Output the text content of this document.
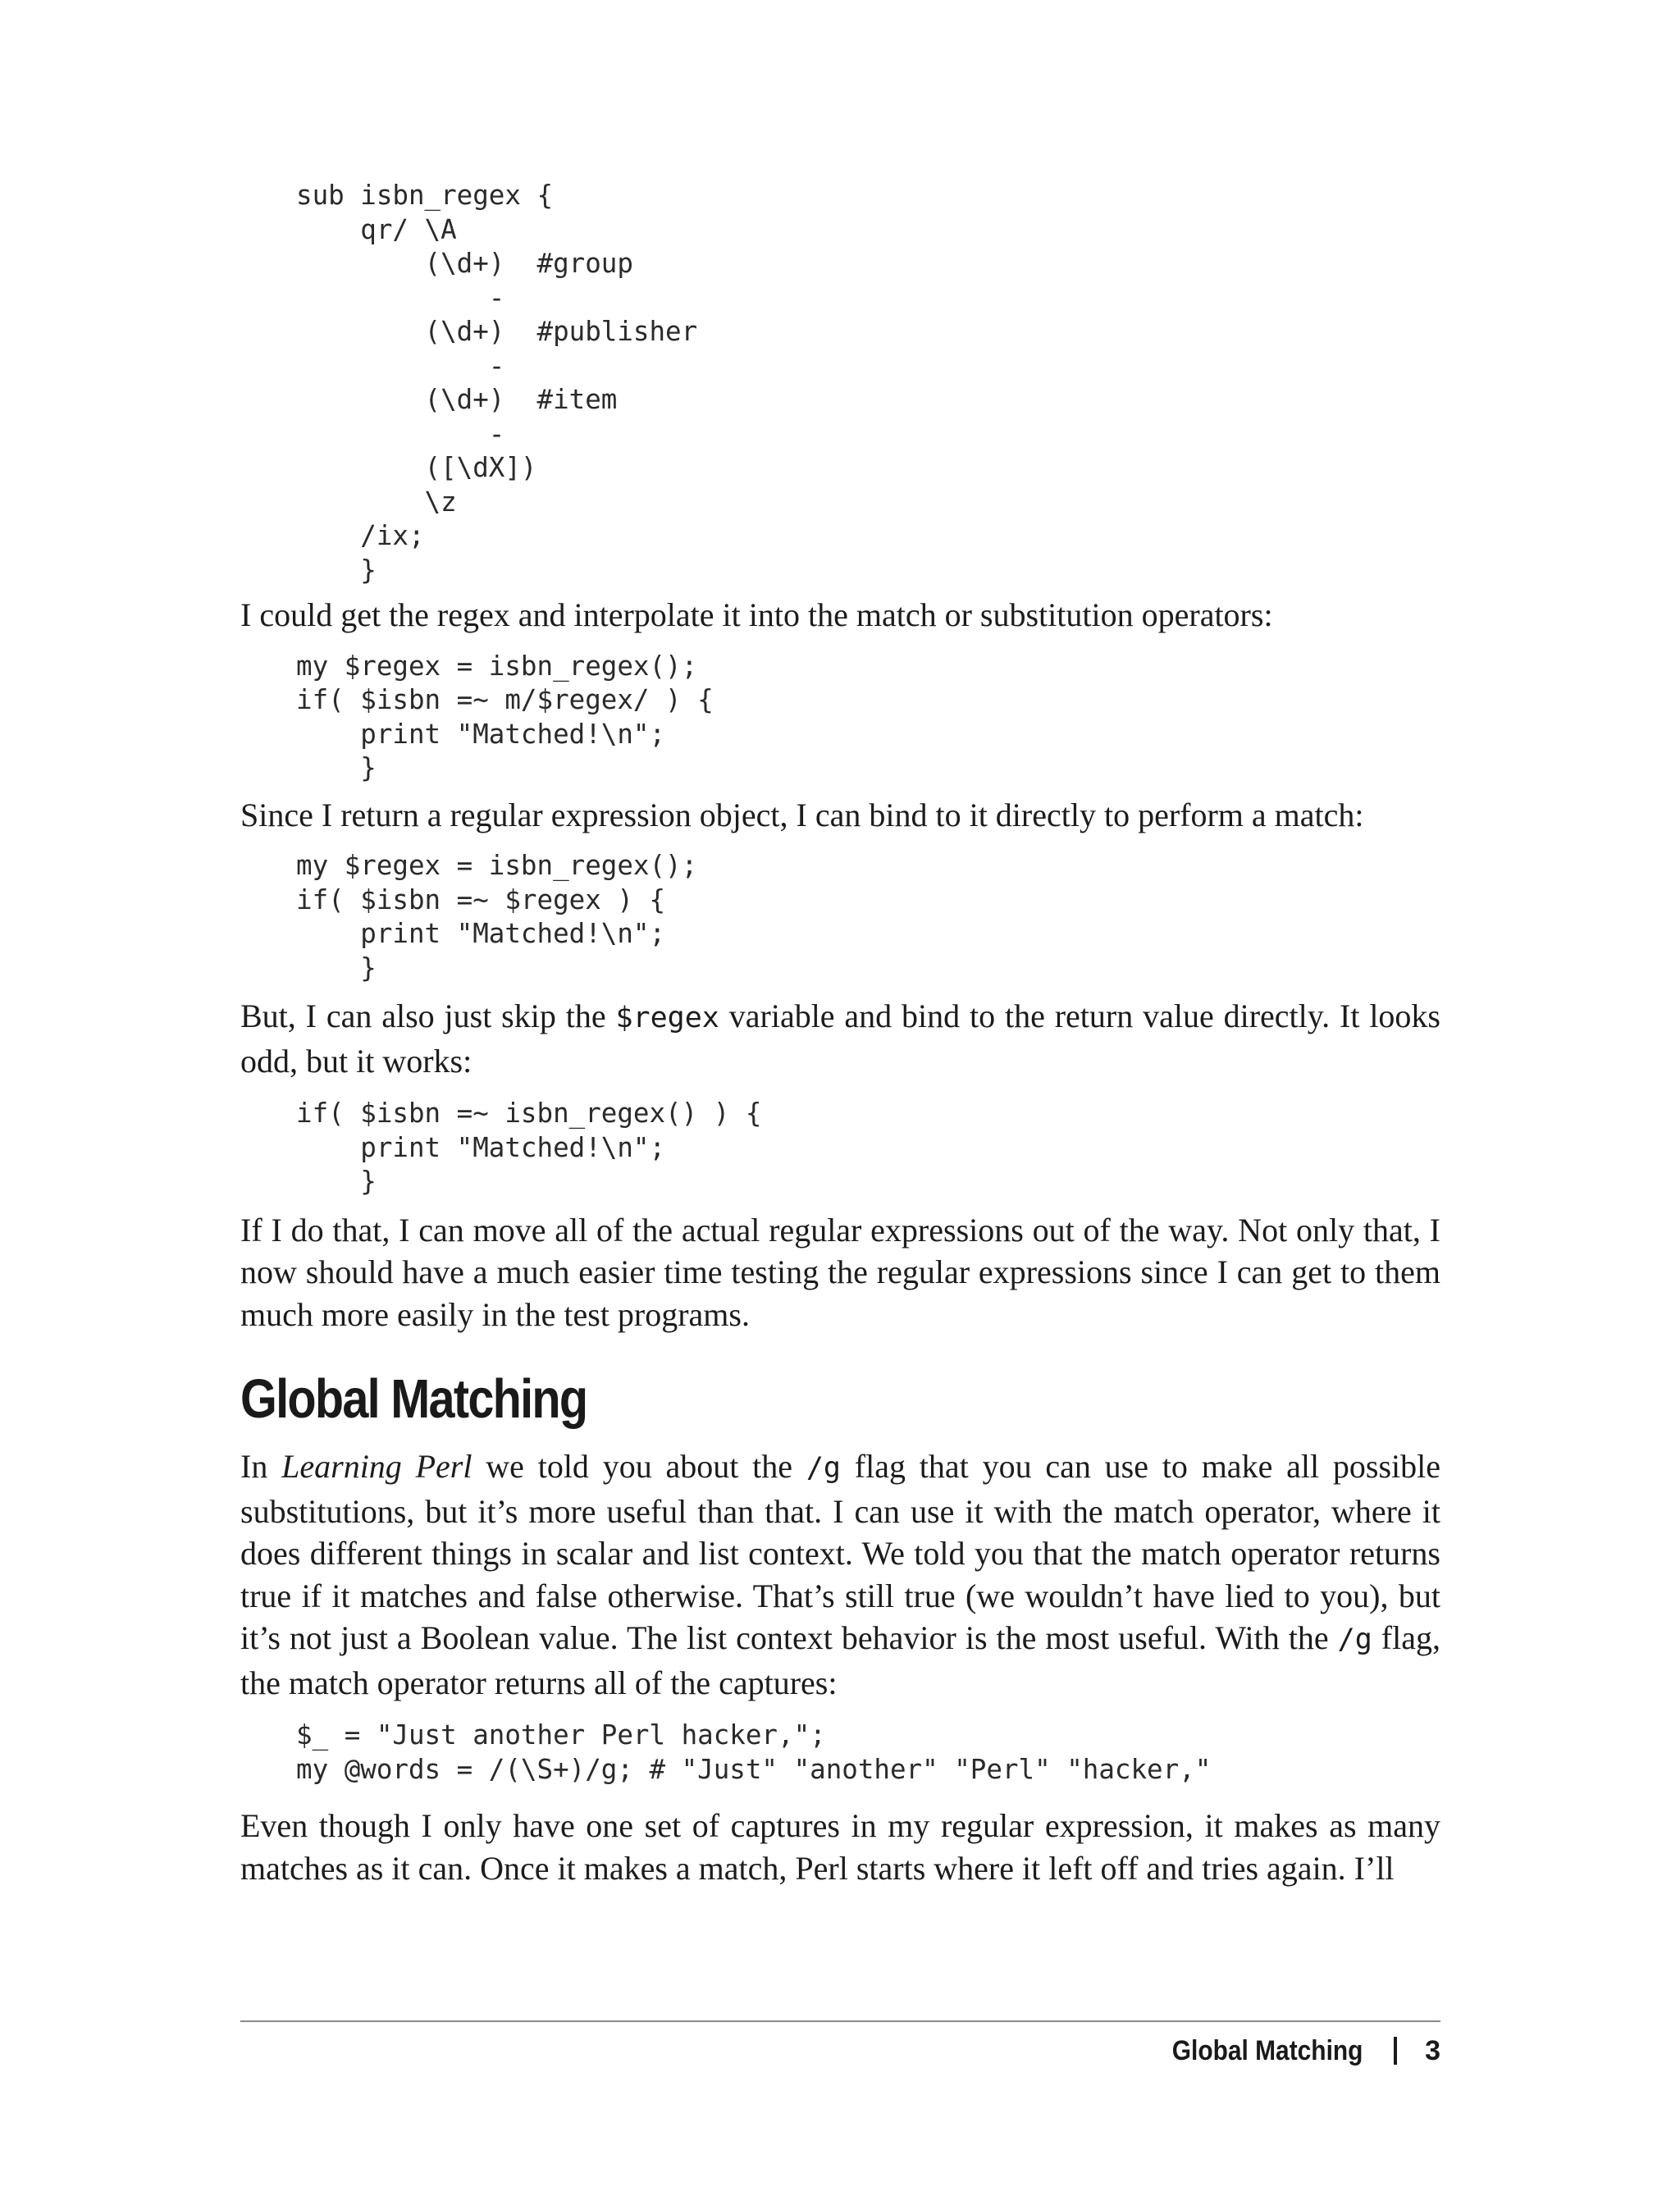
sub isbn_regex {
qr/ \A
(\d+)  #group
-
(\d+)  #publisher
-
(\d+)  #item
-
([\dX])
\z
/ix;
}

I could get the regex and interpolate it into the match or substitution operators:

my $regex = isbn_regex();
if( $isbn =~ m/$regex/ ) {
print "Matched!\n";
}

Since I return a regular expression object, I can bind to it directly to perform a match:

my $regex = isbn_regex();
if( $isbn =~ $regex ) {
print "Matched!\n";
}

But, I can also just skip the $regex variable and bind to the return value directly. It looks odd, but it works:

if( $isbn =~ isbn_regex() ) {
print "Matched!\n";
}

If I do that, I can move all of the actual regular expressions out of the way. Not only that, I now should have a much easier time testing the regular expressions since I can get to them much more easily in the test programs.

Global Matching

In Learning Perl we told you about the /g flag that you can use to make all possible substitutions, but it’s more useful than that. I can use it with the match operator, where it does different things in scalar and list context. We told you that the match operator returns true if it matches and false otherwise. That’s still true (we wouldn’t have lied to you), but it’s not just a Boolean value. The list context behavior is the most useful. With the /g flag, the match operator returns all of the captures:

$_ = "Just another Perl hacker,";
my @words = /(\S+)/g; # "Just" "another" "Perl" "hacker,"

Even though I only have one set of captures in my regular expression, it makes as many matches as it can. Once it makes a match, Perl starts where it left off and tries again. I’ll

Global Matching 3
